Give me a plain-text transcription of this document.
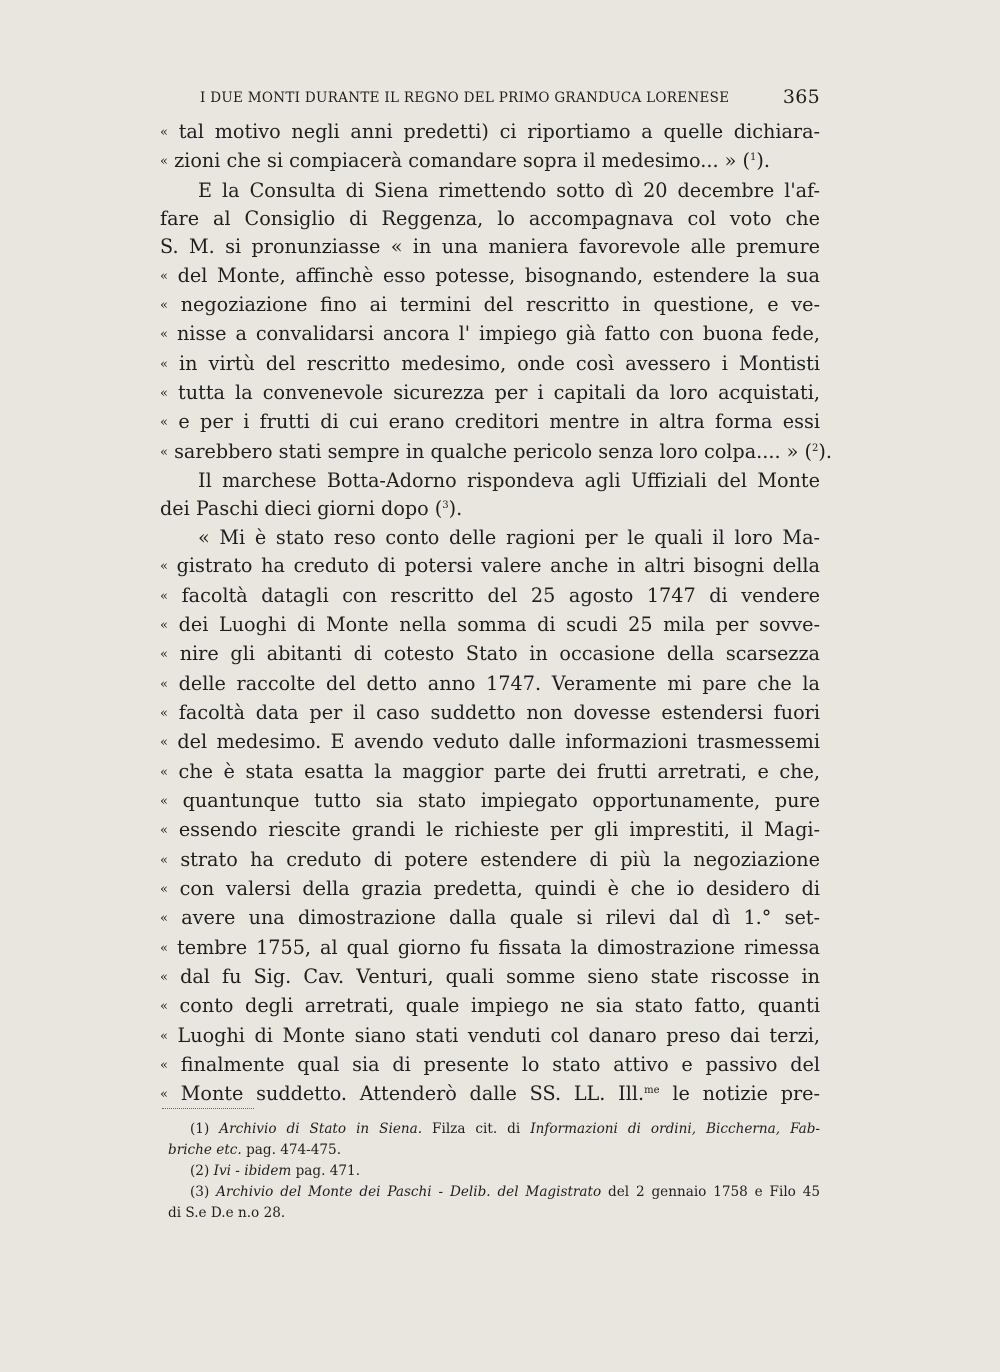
I DUE MONTI DURANTE IL REGNO DEL PRIMO GRANDUCA LORENESE	365
« tal motivo negli anni predetti) ci riportiamo a quelle dichiara-
« zioni che si compiacerà comandare sopra il medesimo... » ($^1$).
E la Consulta di Siena rimettendo sotto dì 20 decembre l'af-
fare al Consiglio di Reggenza, lo accompagnava col voto che
S. M. si pronunziasse « in una maniera favorevole alle premure
« del Monte, affinchè esso potesse, bisognando, estendere la sua
« negoziazione fino ai termini del rescritto in questione, e ve-
« nisse a convalidarsi ancora l' impiego già fatto con buona fede,
« in virtù del rescritto medesimo, onde così avessero i Montisti
« tutta la convenevole sicurezza per i capitali da loro acquistati,
« e per i frutti di cui erano creditori mentre in altra forma essi
« sarebbero stati sempre in qualche pericolo senza loro colpa.... » ($^2$).
Il marchese Botta-Adorno rispondeva agli Uffiziali del Monte
dei Paschi dieci giorni dopo ($^3$).
« Mi è stato reso conto delle ragioni per le quali il loro Ma-
« gistrato ha creduto di potersi valere anche in altri bisogni della
« facoltà datagli con rescritto del 25 agosto 1747 di vendere
« dei Luoghi di Monte nella somma di scudi 25 mila per sovve-
« nire gli abitanti di cotesto Stato in occasione della scarsezza
« delle raccolte del detto anno 1747. Veramente mi pare che la
« facoltà data per il caso suddetto non dovesse estendersi fuori
« del medesimo. E avendo veduto dalle informazioni trasmessemi
« che è stata esatta la maggior parte dei frutti arretrati, e che,
« quantunque tutto sia stato impiegato opportunamente, pure
« essendo riescite grandi le richieste per gli imprestiti, il Magi-
« strato ha creduto di potere estendere di più la negoziazione
« con valersi della grazia predetta, quindi è che io desidero di
« avere una dimostrazione dalla quale si rilevi dal dì 1.° set-
« tembre 1755, al qual giorno fu fissata la dimostrazione rimessa
« dal fu Sig. Cav. Venturi, quali somme sieno state riscosse in
« conto degli arretrati, quale impiego ne sia stato fatto, quanti
« Luoghi di Monte siano stati venduti col danaro preso dai terzi,
« finalmente qual sia di presente lo stato attivo e passivo del
« Monte suddetto. Attenderò dalle SS. LL. Ill.$^{me}$ le notizie pre-
(1) Archivio di Stato in Siena. Filza cit. di Informazioni di ordini, Biccherna, Fab-
briche etc. pag. 474-475.
(2) Ivi - ibidem pag. 471.
(3) Archivio del Monte dei Paschi - Delib. del Magistrato del 2 gennaio 1758 e Filo 45
di S.e D.e n.o 28.
